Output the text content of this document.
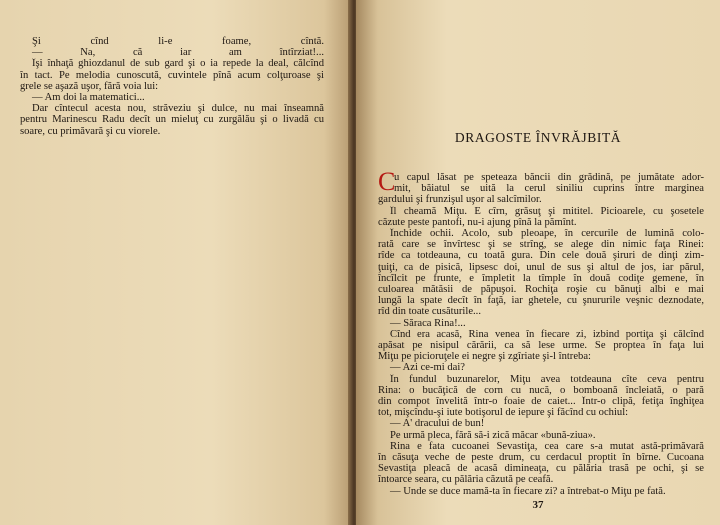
Şi cînd li-e foame, cîntă.
— Na, că iar am întîrziat!...
Îşi înhaţă ghiozdanul de sub gard şi o ia repede la deal, călcînd
în tact. Pe melodia cunoscută, cuvintele pînă acum colţuroase şi
grele se aşază uşor, fără voia lui:
— Am doi la matematici...
Dar cîntecul acesta nou, străveziu şi dulce, nu mai înseamnă
pentru Marinescu Radu decît un mieluţ cu zurgălău şi o livadă cu
soare, cu primăvară şi cu viorele.	DRAGOSTE ÎNVRĂJBITĂ
C
u capul lăsat pe speteaza băncii din grădină, pe jumătate ador-
mit, băiatul se uită la cerul siniliu cuprins între marginea
gardului şi frunzişul uşor al salcîmilor.
Îl cheamă Miţu. E cîrn, grăsuţ şi mititel. Picioarele, cu şosetele
căzute peste pantofi, nu-i ajung pînă la pămînt.
Închide ochii. Acolo, sub pleoape, în cercurile de lumină colo-
rată care se învîrtesc şi se strîng, se alege din nimic faţa Rinei:
rîde ca totdeauna, cu toată gura. Din cele două şiruri de dinţi zim-
ţuiţi, ca de pisică, lipsesc doi, unul de sus şi altul de jos, iar părul,
încîlcit pe frunte, e împletit la tîmple în două codiţe gemene, în
culoarea mătăsii de păpuşoi. Rochiţa roşie cu bănuţi albi e mai
lungă la spate decît în faţă, iar ghetele, cu şnururile veşnic deznodate,
rîd din toate cusăturile...
— Săraca Rina!...
Cînd era acasă, Rina venea în fiecare zi, izbind portiţa şi călcînd
apăsat pe nisipul cărării, ca să lese urme. Se proptea în faţa lui
Miţu pe picioruţele ei negre şi zgîriate şi-l întreba:
— Azi ce-mi dai?
În fundul buzunarelor, Miţu avea totdeauna cîte ceva pentru
Rina: o bucăţică de corn cu nucă, o bomboană încleiată, o pară
din compot învelită într-o foaie de caiet... Într-o clipă, fetiţa înghiţea
tot, mişcîndu-şi iute botişorul de iepure şi făcînd cu ochiul:
— A' dracului de bun!
Pe urmă pleca, fără să-i zică măcar «bună-ziua».
Rina e fata cucoanei Sevastiţa, cea care s-a mutat astă-primăvară
în căsuţa veche de peste drum, cu cerdacul proptit în bîrne. Cucoana
Sevastiţa pleacă de acasă dimineaţa, cu pălăria trasă pe ochi, şi se
întoarce seara, cu pălăria căzută pe ceafă.
— Unde se duce mamă-ta în fiecare zi? a întrebat-o Miţu pe fată.
37
